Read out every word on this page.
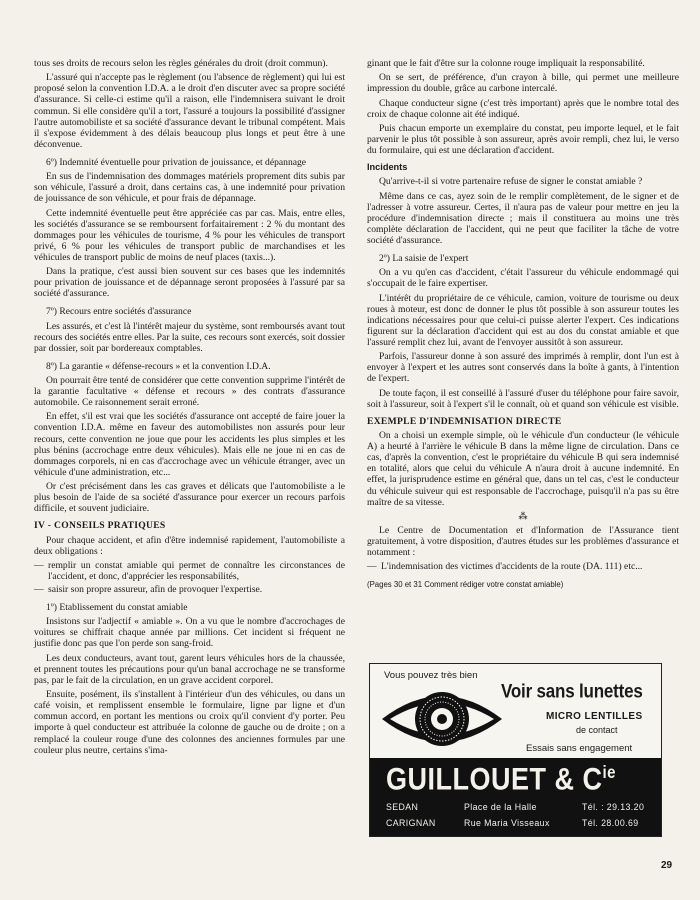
tous ses droits de recours selon les règles générales du droit (droit commun).

L'assuré qui n'accepte pas le règlement (ou l'absence de règlement) qui lui est proposé selon la convention I.D.A. a le droit d'en discuter avec sa propre société d'assurance. Si celle-ci estime qu'il a raison, elle l'indemnisera suivant le droit commun. Si elle considère qu'il a tort, l'assuré a toujours la possibilité d'assigner l'autre automobiliste et sa société d'assurance devant le tribunal compétent. Mais il s'expose évidemment à des délais beaucoup plus longs et peut être à une déconvenue.

6º) Indemnité éventuelle pour privation de jouissance, et dépannage

En sus de l'indemnisation des dommages matériels proprement dits subis par son véhicule, l'assuré a droit, dans certains cas, à une indemnité pour privation de jouissance de son véhicule, et pour frais de dépannage.

Cette indemnité éventuelle peut être appréciée cas par cas. Mais, entre elles, les sociétés d'assurance se se remboursent forfaitairement : 2 % du montant des dommages pour les véhicules de tourisme, 4 % pour les véhicules de transport privé, 6 % pour les véhicules de transport public de marchandises et les véhicules de transport public de moins de neuf places (taxis...).

Dans la pratique, c'est aussi bien souvent sur ces bases que les indemnités pour privation de jouissance et de dépannage seront proposées à l'assuré par sa société d'assurance.

7º) Recours entre sociétés d'assurance

Les assurés, et c'est là l'intérêt majeur du système, sont remboursés avant tout recours des sociétés entre elles. Par la suite, ces recours sont exercés, soit dossier par dossier, soit par bordereaux comptables.

8º) La garantie « défense-recours » et la convention I.D.A.

On pourrait être tenté de considérer que cette convention supprime l'intérêt de la garantie facultative « défense et recours » des contrats d'assurance automobile. Ce raisonnement serait erroné.

En effet, s'il est vrai que les sociétés d'assurance ont accepté de faire jouer la convention I.D.A. même en faveur des automobilistes non assurés pour leur recours, cette convention ne joue que pour les accidents les plus simples et les plus bénins (accrochage entre deux véhicules). Mais elle ne joue ni en cas de dommages corporels, ni en cas d'accrochage avec un véhicule étranger, avec un véhicule d'une administration, etc...

Or c'est précisément dans les cas graves et délicats que l'automobiliste a le plus besoin de l'aide de sa société d'assurance pour exercer un recours parfois difficile, et souvent judiciaire.

IV - CONSEILS PRATIQUES

Pour chaque accident, et afin d'être indemnisé rapidement, l'automobiliste a deux obligations :

— remplir un constat amiable qui permet de connaître les circonstances de l'accident, et donc, d'apprécier les responsabilités,
— saisir son propre assureur, afin de provoquer l'expertise.
1º) Etablissement du constat amiable

Insistons sur l'adjectif « amiable ». On a vu que le nombre d'accrochages de voitures se chiffrait chaque année par millions. Cet incident si fréquent ne justifie donc pas que l'on perde son sang-froid.

Les deux conducteurs, avant tout, garent leurs véhicules hors de la chaussée, et prennent toutes les précautions pour qu'un banal accrochage ne se transforme pas, par le fait de la circulation, en un grave accident corporel.

Ensuite, posément, ils s'installent à l'intérieur d'un des véhicules, ou dans un café voisin, et remplissent ensemble le formulaire, ligne par ligne et d'un commun accord, en portant les mentions ou croix qu'il convient d'y porter. Peu importe à quel conducteur est attribuée la colonne de gauche ou de droite ; on a remplacé la couleur rouge d'une des colonnes des anciennes formules par une couleur plus neutre, certains s'ima-

ginant que le fait d'être sur la colonne rouge impliquait la responsabilité.

On se sert, de préférence, d'un crayon à bille, qui permet une meilleure impression du double, grâce au carbone intercalé.

Chaque conducteur signe (c'est très important) après que le nombre total des croix de chaque colonne ait été indiqué.

Puis chacun emporte un exemplaire du constat, peu importe lequel, et le fait parvenir le plus tôt possible à son assureur, après avoir rempli, chez lui, le verso du formulaire, qui est une déclaration d'accident.

Incidents

Qu'arrive-t-il si votre partenaire refuse de signer le constat amiable ?

Même dans ce cas, ayez soin de le remplir complètement, de le signer et de l'adresser à votre assureur. Certes, il n'aura pas de valeur pour mettre en jeu la procédure d'indemnisation directe ; mais il constituera au moins une très complète déclaration de l'accident, qui ne peut que faciliter la tâche de votre société d'assurance.

2º) La saisie de l'expert

On a vu qu'en cas d'accident, c'était l'assureur du véhicule endommagé qui s'occupait de le faire expertiser.

L'intérêt du propriétaire de ce véhicule, camion, voiture de tourisme ou deux roues à moteur, est donc de donner le plus tôt possible à son assureur toutes les indications nécessaires pour que celui-ci puisse alerter l'expert. Ces indications figurent sur la déclaration d'accident qui est au dos du constat amiable et que l'assuré remplit chez lui, avant de l'envoyer aussitôt à son assureur.

Parfois, l'assureur donne à son assuré des imprimés à remplir, dont l'un est à envoyer à l'expert et les autres sont conservés dans la boîte à gants, à l'intention de l'expert.

De toute façon, il est conseillé à l'assuré d'user du téléphone pour faire savoir, soit à l'assureur, soit à l'expert s'il le connaît, où et quand son véhicule est visible.

EXEMPLE D'INDEMNISATION DIRECTE

On a choisi un exemple simple, où le véhicule d'un conducteur (le véhicule A) a heurté à l'arrière le véhicule B dans la même ligne de circulation. Dans ce cas, d'après la convention, c'est le propriétaire du véhicule B qui sera indemnisé en totalité, alors que celui du véhicule A n'aura droit à aucune indemnité. En effet, la jurisprudence estime en général que, dans un tel cas, c'est le conducteur du véhicule suiveur qui est responsable de l'accrochage, puisqu'il n'a pas su être maître de sa vitesse.

⁂

Le Centre de Documentation et d'Information de l'Assurance tient gratuitement, à votre disposition, d'autres études sur les problèmes d'assurance et notamment :

— L'indemnisation des victimes d'accidents de la route (DA. 111) etc...
(Pages 30 et 31 Comment rédiger votre constat amiable)
Vous pouvez très bien
Voir sans lunettes
MICRO LENTILLES
de contact
Essais sans engagement
GUILLOUET & $C^{ie}$
SEDAN	Place de la Halle	Tél. : 29.13.20
CARIGNAN	Rue Maria Visseaux	Tél. 28.00.69
29
